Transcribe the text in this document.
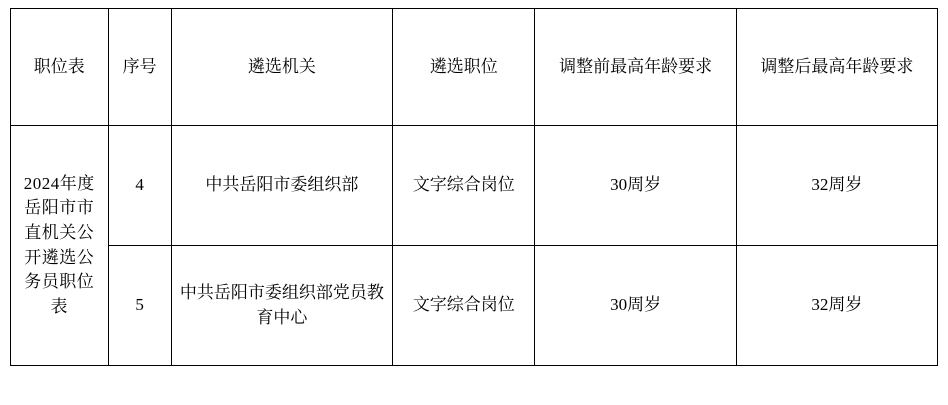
职位表	序号	遴选机关	遴选职位	调整前最高年龄要求	调整后最高年龄要求
2024年度岳阳市市直机关公开遴选公务员职位表	4	中共岳阳市委组织部	文字综合岗位	30周岁	32周岁
	5	中共岳阳市委组织部党员教育中心	文字综合岗位	30周岁	32周岁
